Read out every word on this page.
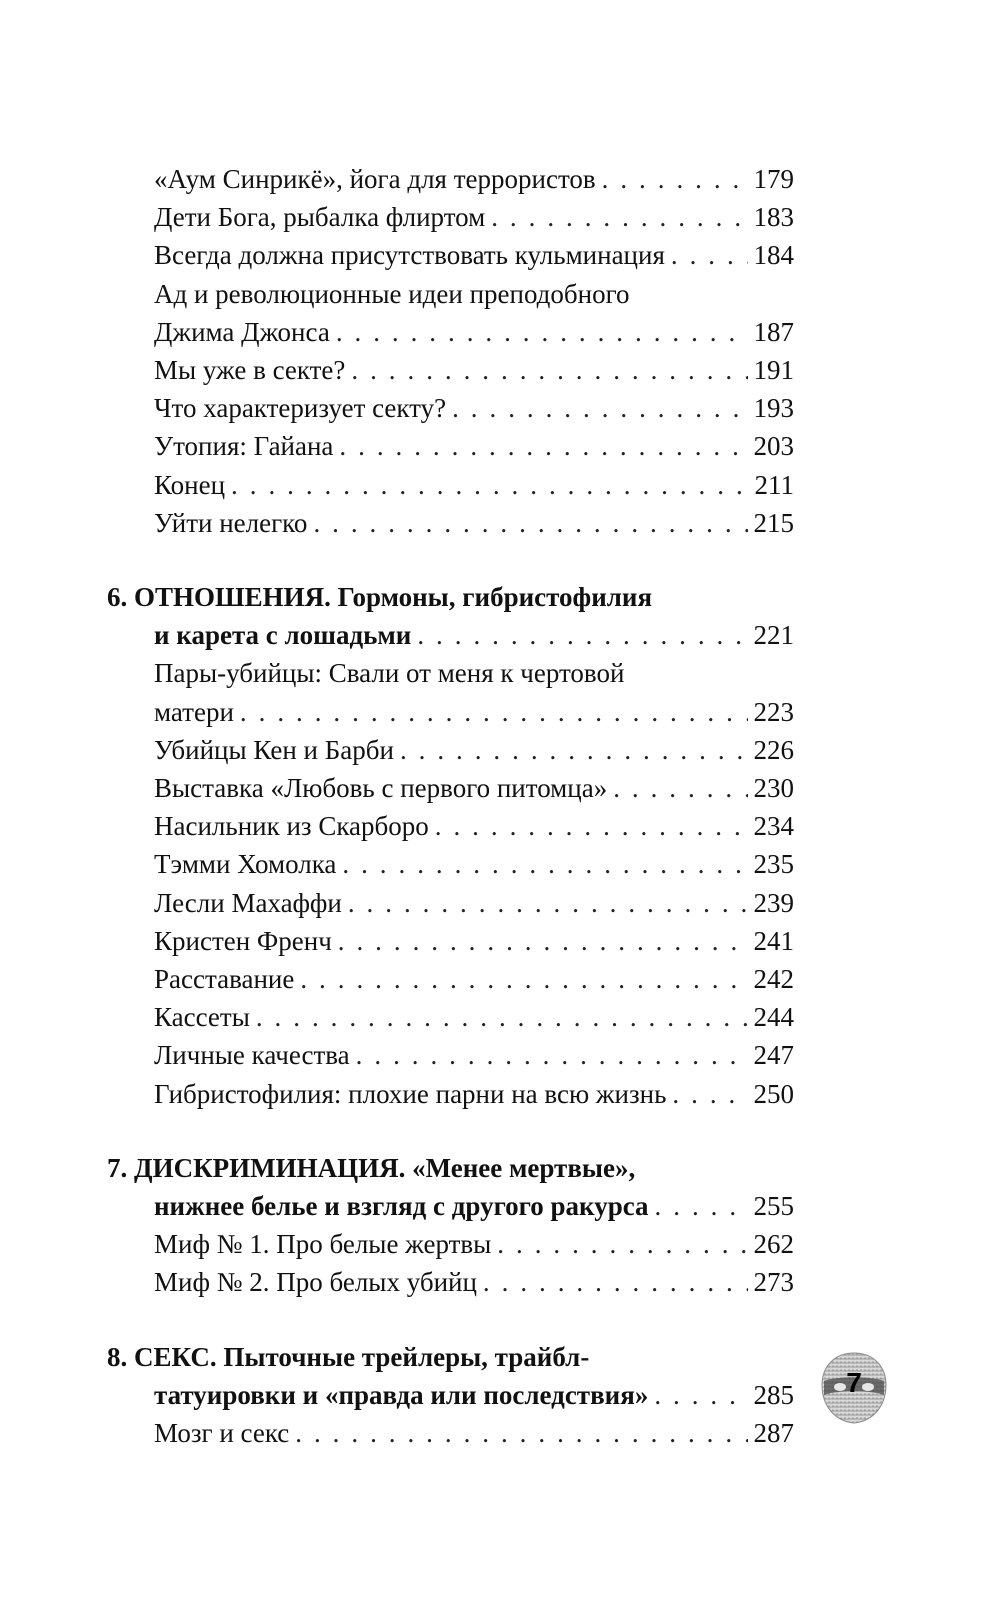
«Аум Синрикё», йога для террористов . . .	179
Дети Бога, рыбалка флиртом . . .	183
Всегда должна присутствовать кульминация . . .	184
Ад и революционные идеи преподобного
Джима Джонса . . .	187
Мы уже в секте? . . .	191
Что характеризует секту? . . .	193
Утопия: Гайана . . .	203
Конец . . .	211
Уйти нелегко . . .	215
6. ОТНОШЕНИЯ. Гормоны, гибристофилия
и карета с лошадьми . . .	221
Пары-убийцы: Свали от меня к чертовой
матери . . .	223
Убийцы Кен и Барби . . .	226
Выставка «Любовь с первого питомца» . . .	230
Насильник из Скарборо . . .	234
Тэмми Хомолка . . .	235
Лесли Махаффи . . .	239
Кристен Френч . . .	241
Расставание . . .	242
Кассеты . . .	244
Личные качества . . .	247
Гибристофилия: плохие парни на всю жизнь . . .	250
7. ДИСКРИМИНАЦИЯ. «Менее мертвые»,
нижнее белье и взгляд с другого ракурса . . .	255
Миф № 1. Про белые жертвы . . .	262
Миф № 2. Про белых убийц . . .	273
8. СЕКС. Пыточные трейлеры, трайбл-
татуировки и «правда или последствия» . . .	285
Мозг и секс . . .	287
7
